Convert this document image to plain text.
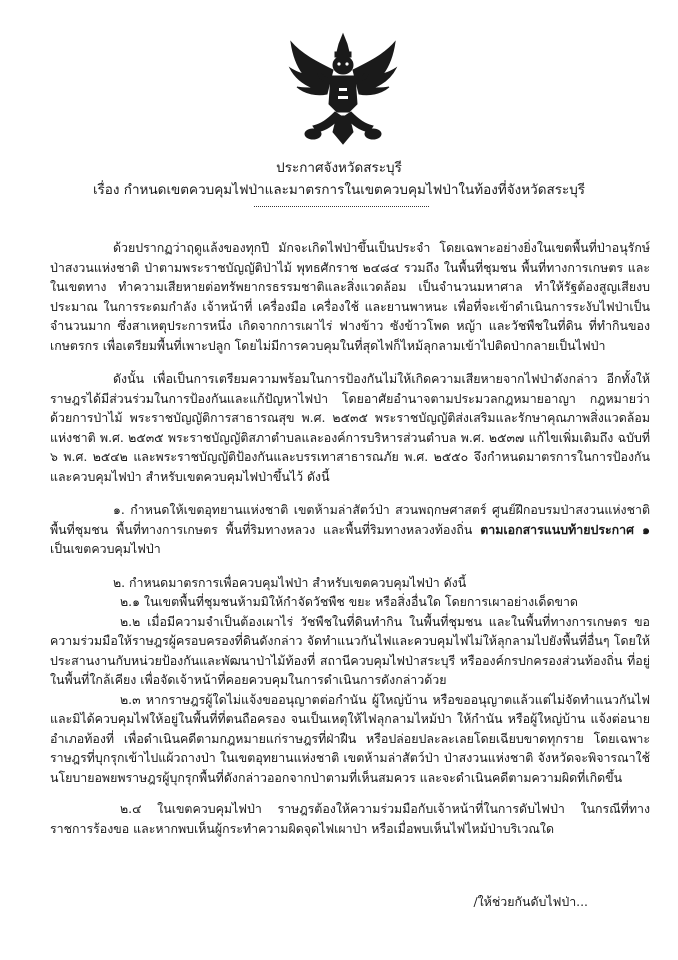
ประกาศจังหวัดสระบุรี
เรื่อง กำหนดเขตควบคุมไฟป่าและมาตรการในเขตควบคุมไฟป่าในท้องที่จังหวัดสระบุรี

ด้วยปรากฏว่าฤดูแล้งของทุกปี มักจะเกิดไฟป่าขึ้นเป็นประจำ โดยเฉพาะอย่างยิ่งในเขตพื้นที่ป่าอนุรักษ์ ป่าสงวนแห่งชาติ ป่าตามพระราชบัญญัติป่าไม้ พุทธศักราช ๒๔๘๔ รวมถึง ในพื้นที่ชุมชน พื้นที่ทางการเกษตร และในเขตทาง ทำความเสียหายต่อทรัพยากรธรรมชาติและสิ่งแวดล้อม เป็นจำนวนมหาศาล ทำให้รัฐต้องสูญเสียงบประมาณ ในการระดมกำลัง เจ้าหน้าที่ เครื่องมือ เครื่องใช้ และยานพาหนะ เพื่อที่จะเข้าดำเนินการระงับไฟป่าเป็นจำนวนมาก ซึ่งสาเหตุประการหนึ่ง เกิดจากการเผาไร่ ฟางข้าว ซังข้าวโพด หญ้า และวัชพืชในที่ดิน ที่ทำกินของเกษตรกร เพื่อเตรียมพื้นที่เพาะปลูก โดยไม่มีการควบคุมในที่สุดไฟก็ไหม้ลุกลามเข้าไปติดป่ากลายเป็นไฟป่า

ดังนั้น เพื่อเป็นการเตรียมความพร้อมในการป้องกันไม่ให้เกิดความเสียหายจากไฟป่าดังกล่าว อีกทั้งให้ราษฎรได้มีส่วนร่วมในการป้องกันและแก้ปัญหาไฟป่า โดยอาศัยอำนาจตามประมวลกฎหมายอาญา กฎหมายว่าด้วยการป่าไม้ พระราชบัญญัติการสาธารณสุข พ.ศ. ๒๕๓๕ พระราชบัญญัติส่งเสริมและรักษาคุณภาพสิ่งแวดล้อมแห่งชาติ พ.ศ. ๒๕๓๕ พระราชบัญญัติสภาตำบลและองค์การบริหารส่วนตำบล พ.ศ. ๒๕๓๗ แก้ไขเพิ่มเติมถึง ฉบับที่ ๖ พ.ศ. ๒๕๔๒ และพระราชบัญญัติป้องกันและบรรเทาสาธารณภัย พ.ศ. ๒๕๕๐ จึงกำหนดมาตรการในการป้องกันและควบคุมไฟป่า สำหรับเขตควบคุมไฟป่าขึ้นไว้ ดังนี้

๑. กำหนดให้เขตอุทยานแห่งชาติ เขตห้ามล่าสัตว์ป่า สวนพฤกษศาสตร์ ศูนย์ฝึกอบรมป่าสงวนแห่งชาติ พื้นที่ชุมชน พื้นที่ทางการเกษตร พื้นที่ริมทางหลวง และพื้นที่ริมทางหลวงท้องถิ่น ตามเอกสารแนบท้ายประกาศ ๑ เป็นเขตควบคุมไฟป่า

๒. กำหนดมาตรการเพื่อควบคุมไฟป่า สำหรับเขตควบคุมไฟป่า ดังนี้

๒.๑ ในเขตพื้นที่ชุมชนห้ามมิให้กำจัดวัชพืช ขยะ หรือสิ่งอื่นใด โดยการเผาอย่างเด็ดขาด

๒.๒ เมื่อมีความจำเป็นต้องเผาไร่ วัชพืชในที่ดินทำกิน ในพื้นที่ชุมชน และในพื้นที่ทางการเกษตร ขอความร่วมมือให้ราษฎรผู้ครอบครองที่ดินดังกล่าว จัดทำแนวกันไฟและควบคุมไฟไม่ให้ลุกลามไปยังพื้นที่อื่นๆ โดยให้ประสานงานกับหน่วยป้องกันและพัฒนาป่าไม้ท้องที่ สถานีควบคุมไฟป่าสระบุรี หรือองค์กรปกครองส่วนท้องถิ่น ที่อยู่ในพื้นที่ใกล้เคียง เพื่อจัดเจ้าหน้าที่คอยควบคุมในการดำเนินการดังกล่าวด้วย

๒.๓ หากราษฎรผู้ใดไม่แจ้งขออนุญาตต่อกำนัน ผู้ใหญ่บ้าน หรือขออนุญาตแล้วแต่ไม่จัดทำแนวกันไฟและมิได้ควบคุมไฟให้อยู่ในพื้นที่ที่ตนถือครอง จนเป็นเหตุให้ไฟลุกลามไหม้ป่า ให้กำนัน หรือผู้ใหญ่บ้าน แจ้งต่อนายอำเภอท้องที่ เพื่อดำเนินคดีตามกฎหมายแก่ราษฎรที่ฝ่าฝืน หรือปล่อยปละละเลยโดยเฉียบขาดทุกราย โดยเฉพาะราษฎรที่บุกรุกเข้าไปแผ้วถางป่า ในเขตอุทยานแห่งชาติ เขตห้ามล่าสัตว์ป่า ป่าสงวนแห่งชาติ จังหวัดจะพิจารณาใช้นโยบายอพยพราษฎรผู้บุกรุกพื้นที่ดังกล่าวออกจากป่าตามที่เห็นสมควร และจะดำเนินคดีตามความผิดที่เกิดขึ้น

๒.๔ ในเขตควบคุมไฟป่า ราษฎรต้องให้ความร่วมมือกับเจ้าหน้าที่ในการดับไฟป่า ในกรณีที่ทางราชการร้องขอ และหากพบเห็นผู้กระทำความผิดจุดไฟเผาป่า หรือเมื่อพบเห็นไฟไหม้ป่าบริเวณใด

/ให้ช่วยกันดับไฟป่า...
